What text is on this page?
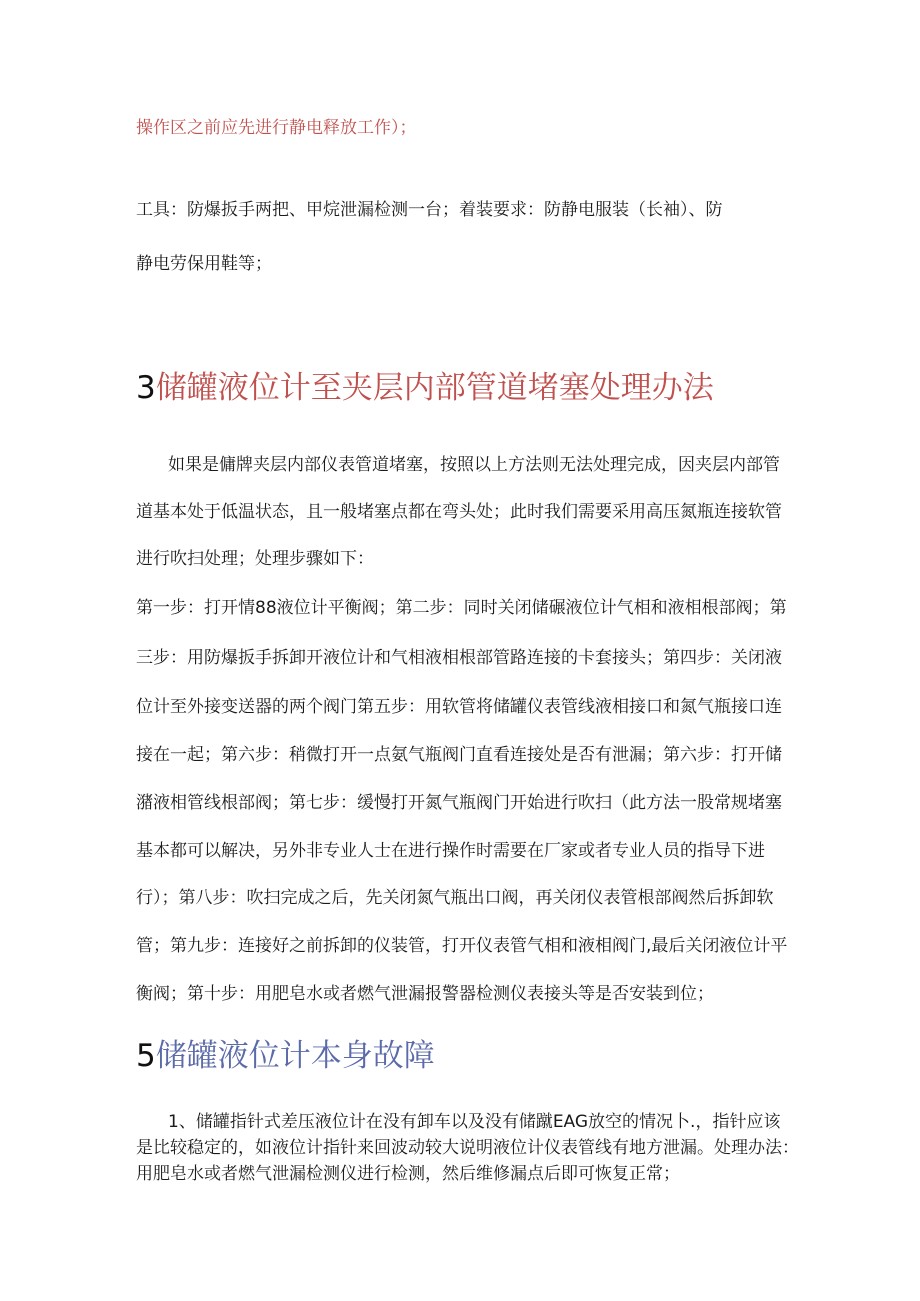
操作区之前应先进行静电释放工作）；
工具：防爆扳手两把、甲烷泄漏检测一台；着装要求：防静电服装（长袖）、防
静电劳保用鞋等；
3储罐液位计至夹层内部管道堵塞处理办法
如果是傭牌夹层内部仪表管道堵塞，按照以上方法则无法处理完成，因夹层内部管
道基本处于低温状态，且一般堵塞点都在弯头处；此时我们需要采用高压氮瓶连接软管
进行吹扫处理；处理步骤如下：
第一步：打开情88液位计平衡阀；第二步：同时关闭储碾液位计气相和液相根部阀；第
三步：用防爆扳手拆卸开液位计和气相液相根部管路连接的卡套接头；第四步：关闭液
位计至外接变送器的两个阀门第五步：用软管将储罐仪表管线液相接口和氮气瓶接口连
接在一起；第六步：稍微打开一点氨气瓶阀门直看连接处是否有泄漏；第六步：打开储
潴液相管线根部阀；第七步：缓慢打开氮气瓶阀门开始进行吹扫（此方法一股常规堵塞
基本都可以解决，另外非专业人士在进行操作时需要在厂家或者专业人员的指导下进
行）；第八步：吹扫完成之后，先关闭氮气瓶出口阀，再关闭仪表管根部阀然后拆卸软
管；第九步：连接好之前拆卸的仪装管，打开仪表管气相和液相阀门,最后关闭液位计平
衡阀；第十步：用肥皂水或者燃气泄漏报警器检测仪表接头等是否安装到位；
5储罐液位计本身故障
1、储罐指针式差压液位计在没有卸车以及没有储蹴EAG放空的情况卜.，指针应该
是比较稳定的，如液位计指针来回波动较大说明液位计仪表管线有地方泄漏。处理办法：
用肥皂水或者燃气泄漏检测仪进行检测，然后维修漏点后即可恢复正常；
